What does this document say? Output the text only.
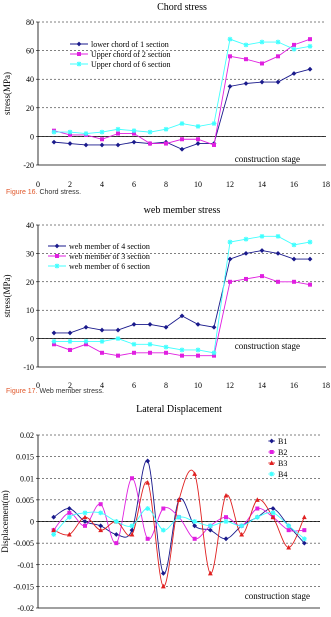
Chord stress
-20
0
20
40
60
80
0	2	4	6	8	10	12	14	16	18
stress(MPa)
construction stage
lower chord of 1 section
Upper chord of 2 section
Upper chord of 6 section
web member stress
-10
0
10
20
30
40
0	2	4	6	8	10	12	14	16	18
stress(MPa)
construction stage
web member of 4 section
web member of 3 section
web member of 6 section
Lateral Displacement
-0.02
-0.015
-0.01
-0.005
0
0.005
0.01
0.015
0.02
Displacement(m)
construction stage
B1
B2
B3
B4
Figure 16. Chord stress.
Figure 17. Web member stress.
